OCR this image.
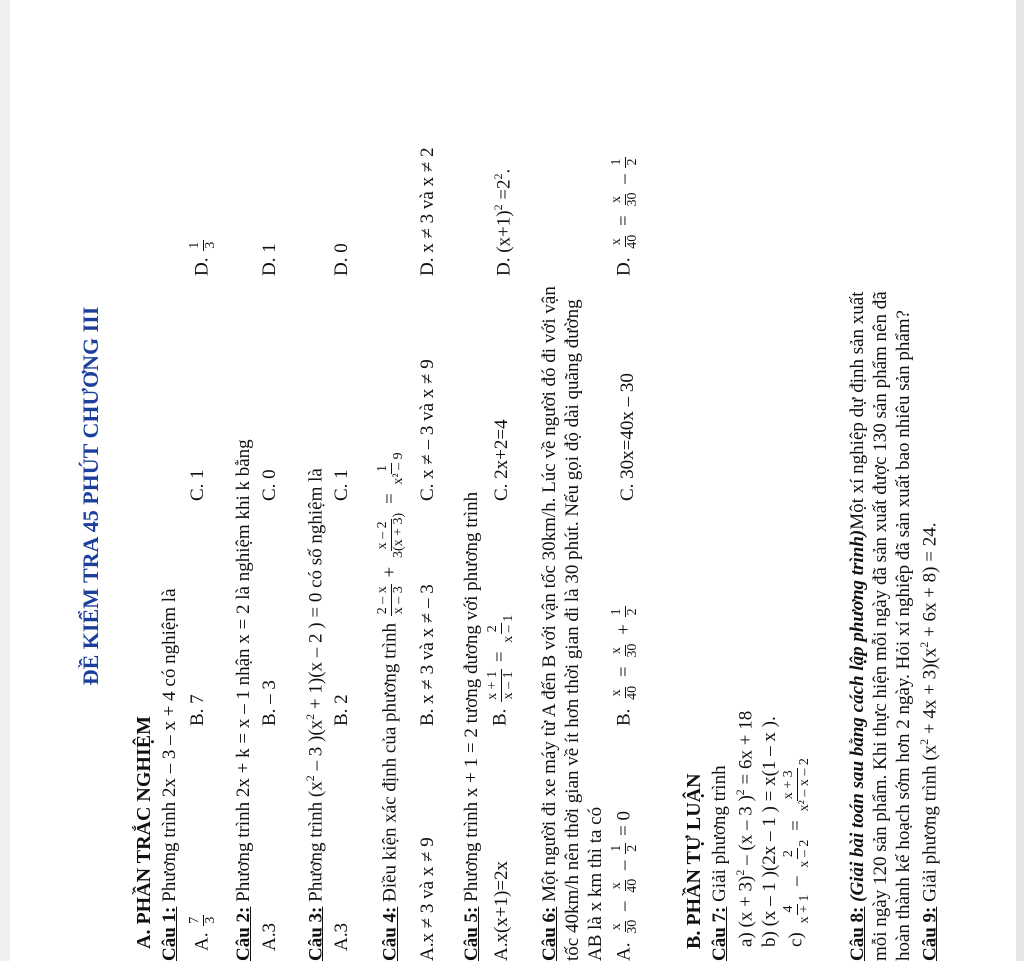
ĐỀ KIỂM TRA 45 PHÚT CHƯƠNG III
A. PHẦN TRẮC NGHIỆM Câu 1: Phương trình 2x – 3 – x + 4 có nghiệm là
A.
7 3
B. 7
C. 1
D.
1 3
Câu 2: Phương trình 2x + k = x – 1 nhận x = 2 là nghiệm khi k bằng
A.3
B. – 3
C. 0
D. 1
Câu 3: Phương trình ($x^2 - 3$ )$(x^2 + 1)(x - 2$ ) = 0 có số nghiệm là
A.3
B. 2
C. 1
D. 0
Câu 4: Điều kiện xác định của phương trình
2 – x x – 3
+
x – 2 3(x + 3)
=
1 x² – 9
A.x ≠ 3 và x ≠ 9
B. x ≠ 3 và x ≠ – 3
C. x ≠ – 3 và x ≠ 9
D. x ≠ 3 và x ≠ 2
Câu 5: Phương trình x + 1 = 2 tương đương với phương trình
A.x(x+1)=2x
B.
x + 1 x – 1
=
2 x – 1
C. 2x+2=4
D. $(x+1)^2 =2^2$.
Câu 6: Một người đi xe máy từ A đến B với vận tốc 30km/h. Lúc về người đó đi với vận tốc 40km/h nên thời gian về ít hơn thời gian đi là 30 phút. Nếu gọi độ dài quãng đường AB là x km thì ta có A.
x 30
–
x 40
–
1 2
= 0
B.
x 40
=
x 30
+
1 2
C. 30x=40x – 30
D.
x 40
=
x 30
–
1 2
B. PHẦN TỰ LUẬN Câu 7: Giải phương trình
a) $(x + 3)^2 - (x - 3$ )$^2$ = 6x + 18 b) (x – 1 )(2x – 1 ) = x(1 – x ). c)
4 x + 1
–
2 x – 2
=
x + 3 x² – x – 2
Câu 8: (Giải bài toán sau bằng cách lập phương trình)Một xí nghiệp dự định sản xuất mỗi ngày 120 sản phẩm. Khi thực hiện mỗi ngày đã sản xuất được 130 sản phẩm nên đã hoàn thành kế hoạch sớm hơn 2 ngày. Hỏi xí nghiệp đã sản xuất bao nhiêu sản phẩm? Câu 9: Giải phương trình $(x^2 + 4x + 3)(x^2 + 6x + 8) = 24$.
